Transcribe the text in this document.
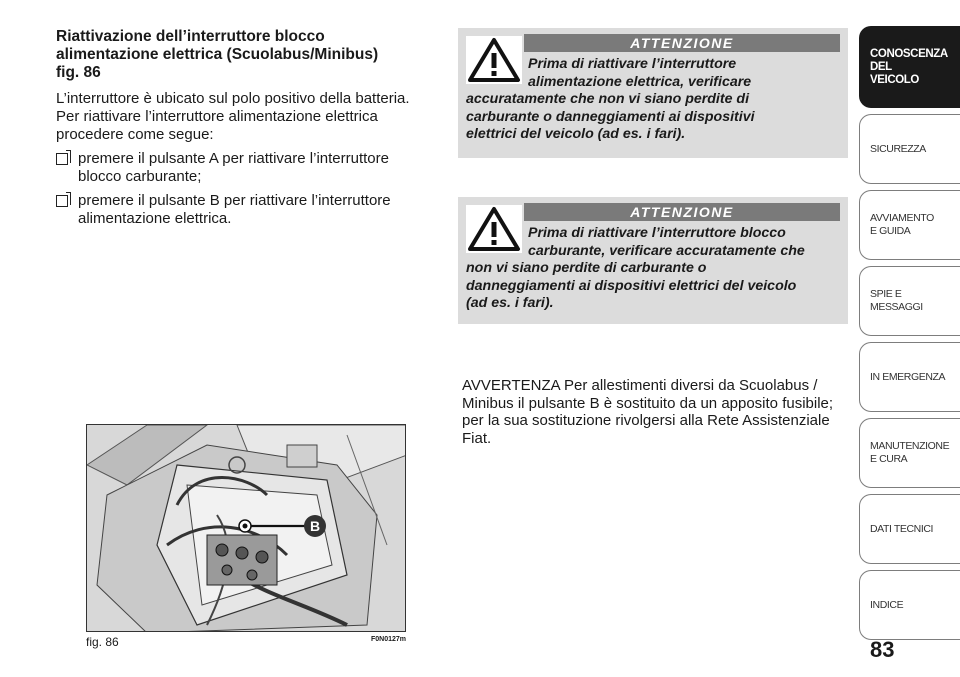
Riattivazione dell’interruttore blocco
alimentazione elettrica (Scuolabus/Minibus)
fig. 86
L’interruttore è ubicato sul polo positivo della batteria.
Per riattivare l’interruttore alimentazione elettrica
procedere come segue:
premere il pulsante A per riattivare l’interruttore
blocco carburante;
premere il pulsante B per riattivare l’interruttore
alimentazione elettrica.
B
fig. 86	F0N0127m
ATTENZIONE
Prima di riattivare l’interruttore
alimentazione elettrica, verificare
accuratamente che non vi siano perdite di
carburante o danneggiamenti ai dispositivi
elettrici del veicolo (ad es. i fari).
ATTENZIONE
Prima di riattivare l’interruttore blocco
carburante, verificare accuratamente che
non vi siano perdite di carburante o
danneggiamenti ai dispositivi elettrici del veicolo
(ad es. i fari).
AVVERTENZA Per allestimenti diversi da Scuolabus /
Minibus il pulsante B è sostituito da un apposito fusibile;
per la sua sostituzione rivolgersi alla Rete Assistenziale
Fiat.
CONOSCENZA
DEL
VEICOLO
SICUREZZA
AVVIAMENTO
E GUIDA
SPIE E
MESSAGGI
IN EMERGENZA
MANUTENZIONE
E CURA
DATI TECNICI
INDICE
83
